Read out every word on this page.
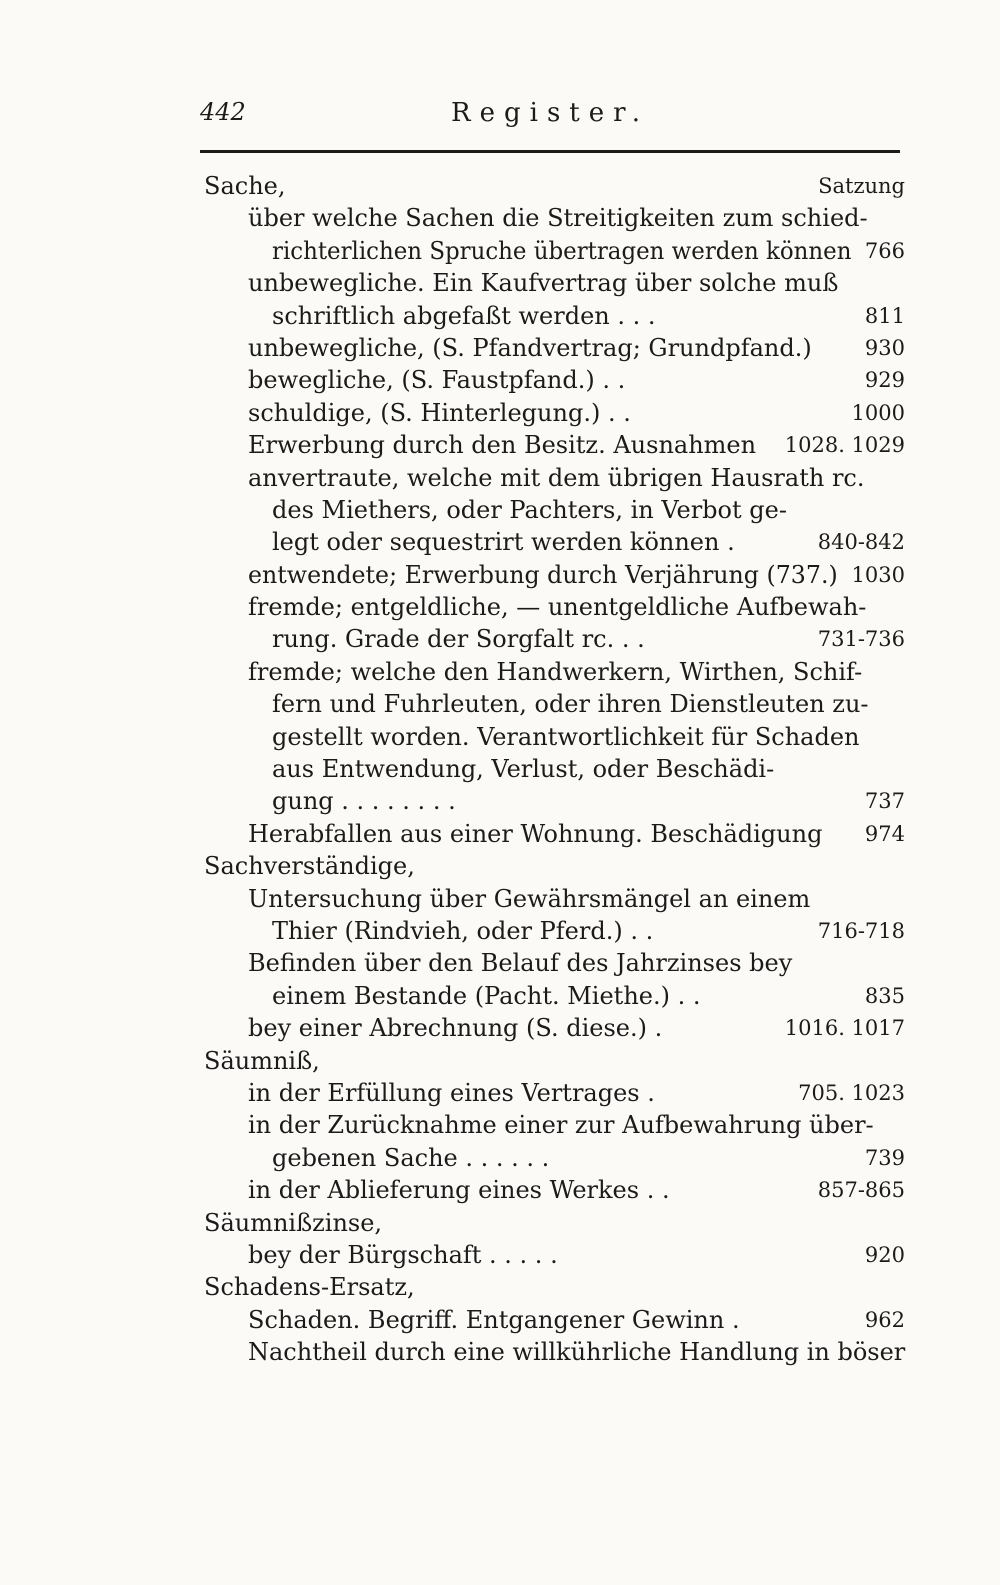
442	Register.
Sache,	Satzung
über welche Sachen die Streitigkeiten zum schied-
richterlichen Spruche übertragen werden können 766
unbewegliche. Ein Kaufvertrag über solche muß
schriftlich abgefaßt werden . . .	811
unbewegliche, (S. Pfandvertrag; Grundpfand.)	930
bewegliche, (S. Faustpfand.) . .	929
schuldige, (S. Hinterlegung.) . .	1000
Erwerbung durch den Besitz. Ausnahmen 1028. 1029
anvertraute, welche mit dem übrigen Hausrath rc.
des Miethers, oder Pachters, in Verbot ge-
legt oder sequestrirt werden können .	840-842
entwendete; Erwerbung durch Verjährung (737.) 1030
fremde; entgeldliche, — unentgeldliche Aufbewah-
rung. Grade der Sorgfalt rc. . .	731-736
fremde; welche den Handwerkern, Wirthen, Schif-
fern und Fuhrleuten, oder ihren Dienstleuten zu-
gestellt worden. Verantwortlichkeit für Schaden
aus Entwendung, Verlust, oder Beschädi-
gung . . . . . . . .	737
Herabfallen aus einer Wohnung. Beschädigung 974
Sachverständige,
Untersuchung über Gewährsmängel an einem
Thier (Rindvieh, oder Pferd.) . .	716-718
Befinden über den Belauf des Jahrzinses bey
einem Bestande (Pacht. Miethe.) . .	835
bey einer Abrechnung (S. diese.) .	1016. 1017
Säumniß,
in der Erfüllung eines Vertrages .	705. 1023
in der Zurücknahme einer zur Aufbewahrung über-
gebenen Sache . . . . . .	739
in der Ablieferung eines Werkes . .	857-865
Säumnißzinse,
bey der Bürgschaft . . . . .	920
Schadens-Ersatz,
Schaden. Begriff. Entgangener Gewinn .	962
Nachtheil durch eine willkührliche Handlung in böser
